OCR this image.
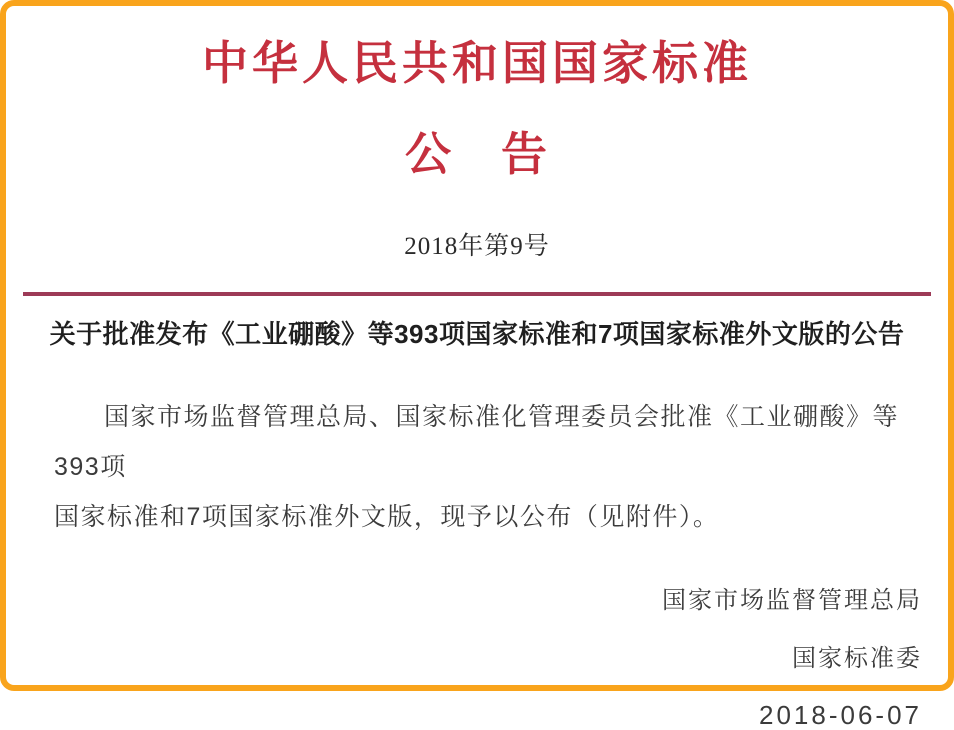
中华人民共和国国家标准
公　告
2018年第9号
关于批准发布《工业硼酸》等393项国家标准和7项国家标准外文版的公告
国家市场监督管理总局、国家标准化管理委员会批准《工业硼酸》等393项
国家标准和7项国家标准外文版，现予以公布（见附件）。
国家市场监督管理总局
国家标准委
2018-06-07
